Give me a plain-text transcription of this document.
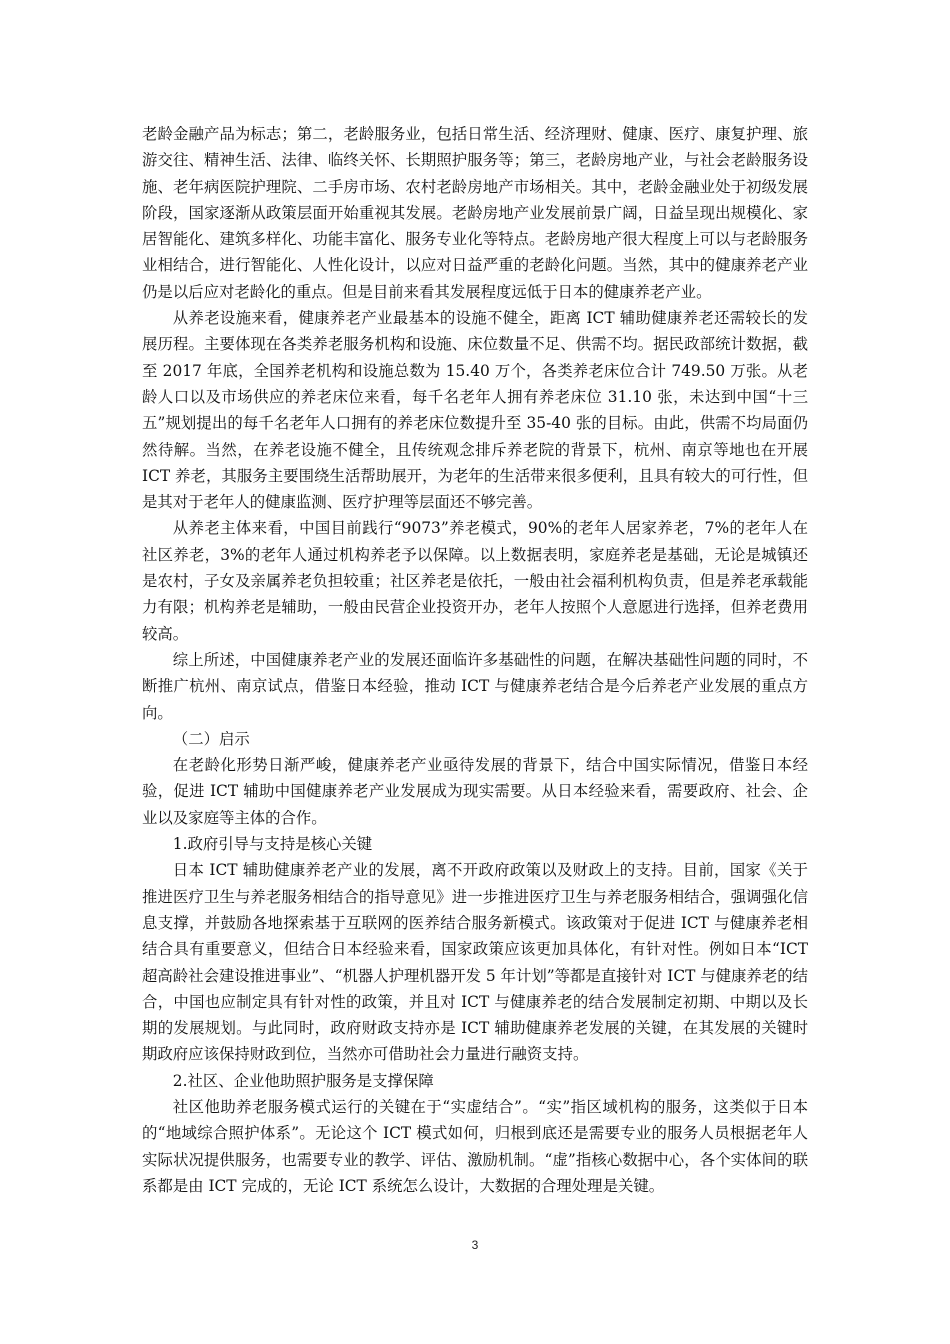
老龄金融产品为标志；第二，老龄服务业，包括日常生活、经济理财、健康、医疗、康复护理、旅游交往、精神生活、法律、临终关怀、长期照护服务等；第三，老龄房地产业，与社会老龄服务设施、老年病医院护理院、二手房市场、农村老龄房地产市场相关。其中，老龄金融业处于初级发展阶段，国家逐渐从政策层面开始重视其发展。老龄房地产业发展前景广阔，日益呈现出规模化、家居智能化、建筑多样化、功能丰富化、服务专业化等特点。老龄房地产很大程度上可以与老龄服务业相结合，进行智能化、人性化设计，以应对日益严重的老龄化问题。当然，其中的健康养老产业仍是以后应对老龄化的重点。但是目前来看其发展程度远低于日本的健康养老产业。

从养老设施来看，健康养老产业最基本的设施不健全，距离 ICT 辅助健康养老还需较长的发展历程。主要体现在各类养老服务机构和设施、床位数量不足、供需不均。据民政部统计数据，截至 2017 年底，全国养老机构和设施总数为 15.40 万个，各类养老床位合计 749.50 万张。从老龄人口以及市场供应的养老床位来看，每千名老年人拥有养老床位 31.10 张，未达到中国“十三五”规划提出的每千名老年人口拥有的养老床位数提升至 35-40 张的目标。由此，供需不均局面仍然待解。当然，在养老设施不健全，且传统观念排斥养老院的背景下，杭州、南京等地也在开展 ICT 养老，其服务主要围绕生活帮助展开，为老年的生活带来很多便利，且具有较大的可行性，但是其对于老年人的健康监测、医疗护理等层面还不够完善。

从养老主体来看，中国目前践行“9073”养老模式，90%的老年人居家养老，7%的老年人在社区养老，3%的老年人通过机构养老予以保障。以上数据表明，家庭养老是基础，无论是城镇还是农村，子女及亲属养老负担较重；社区养老是依托，一般由社会福利机构负责，但是养老承载能力有限；机构养老是辅助，一般由民营企业投资开办，老年人按照个人意愿进行选择，但养老费用较高。

综上所述，中国健康养老产业的发展还面临许多基础性的问题，在解决基础性问题的同时，不断推广杭州、南京试点，借鉴日本经验，推动 ICT 与健康养老结合是今后养老产业发展的重点方向。

（二）启示

在老龄化形势日渐严峻，健康养老产业亟待发展的背景下，结合中国实际情况，借鉴日本经验，促进 ICT 辅助中国健康养老产业发展成为现实需要。从日本经验来看，需要政府、社会、企业以及家庭等主体的合作。

1.政府引导与支持是核心关键

日本 ICT 辅助健康养老产业的发展，离不开政府政策以及财政上的支持。目前，国家《关于推进医疗卫生与养老服务相结合的指导意见》进一步推进医疗卫生与养老服务相结合，强调强化信息支撑，并鼓励各地探索基于互联网的医养结合服务新模式。该政策对于促进 ICT 与健康养老相结合具有重要意义，但结合日本经验来看，国家政策应该更加具体化，有针对性。例如日本“ICT 超高龄社会建设推进事业”、“机器人护理机器开发 5 年计划”等都是直接针对 ICT 与健康养老的结合，中国也应制定具有针对性的政策，并且对 ICT 与健康养老的结合发展制定初期、中期以及长期的发展规划。与此同时，政府财政支持亦是 ICT 辅助健康养老发展的关键，在其发展的关键时期政府应该保持财政到位，当然亦可借助社会力量进行融资支持。

2.社区、企业他助照护服务是支撑保障

社区他助养老服务模式运行的关键在于“实虚结合”。“实”指区域机构的服务，这类似于日本的“地域综合照护体系”。无论这个 ICT 模式如何，归根到底还是需要专业的服务人员根据老年人实际状况提供服务，也需要专业的教学、评估、激励机制。“虚”指核心数据中心，各个实体间的联系都是由 ICT 完成的，无论 ICT 系统怎么设计，大数据的合理处理是关键。

3
